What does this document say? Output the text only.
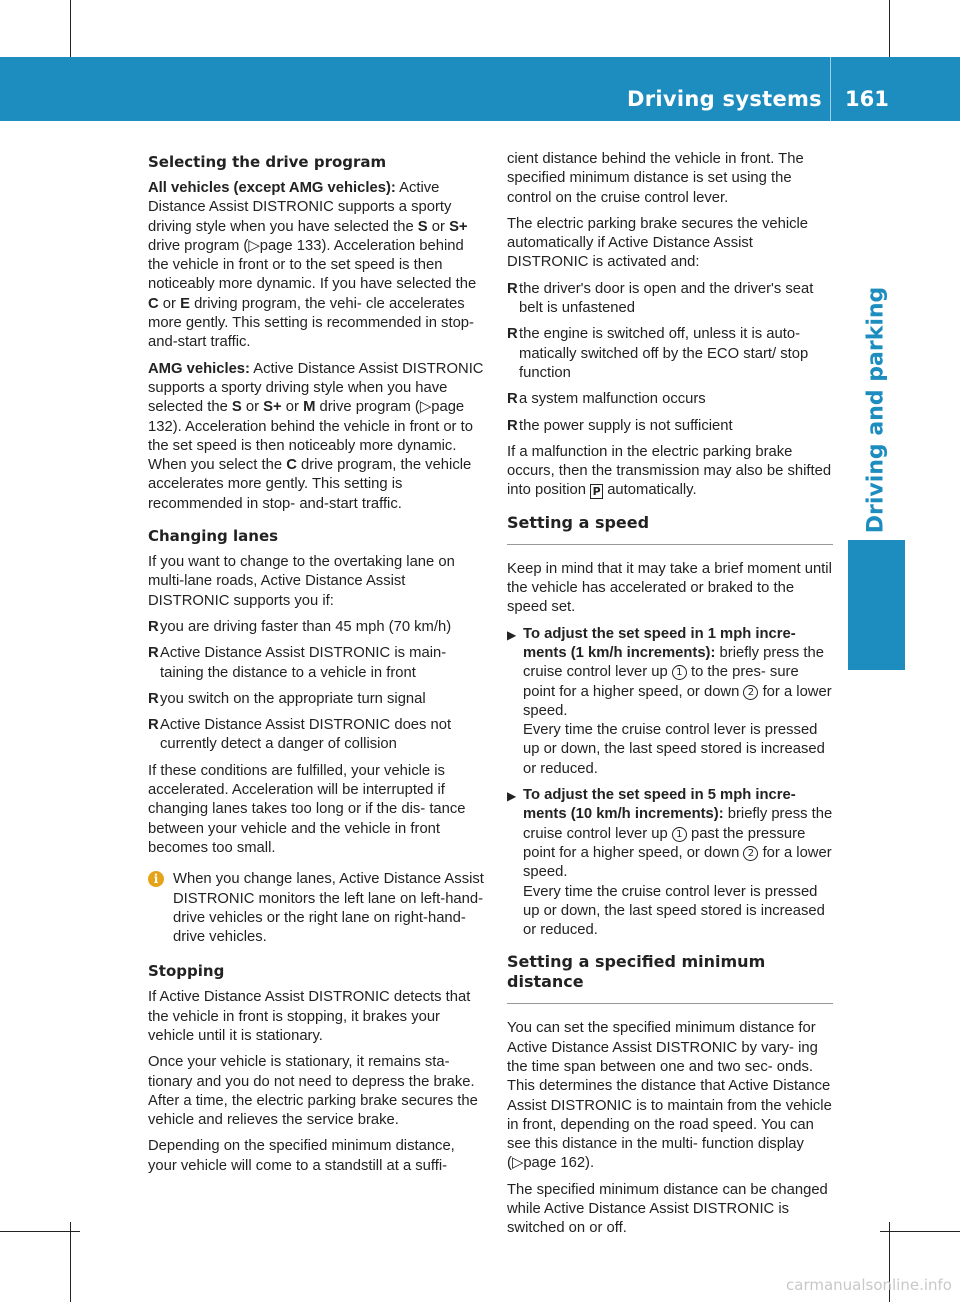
Driving systems 161
Driving and parking
Selecting the drive program

All vehicles (except AMG vehicles): Active Distance Assist DISTRONIC supports a sporty driving style when you have selected the S or S+ drive program (▷page 133). Acceleration behind the vehicle in front or to the set speed is then noticeably more dynamic. If you have selected the C or E driving program, the vehi- cle accelerates more gently. This setting is recommended in stop-and-start traffic.

AMG vehicles: Active Distance Assist DISTRONIC supports a sporty driving style when you have selected the S or S+ or M drive program (▷page 132). Acceleration behind the vehicle in front or to the set speed is then noticeably more dynamic. When you select the C drive program, the vehicle accelerates more gently. This setting is recommended in stop- and-start traffic.

Changing lanes

If you want to change to the overtaking lane on multi-lane roads, Active Distance Assist DISTRONIC supports you if:

R you are driving faster than 45 mph (70 km/h)
R Active Distance Assist DISTRONIC is main- taining the distance to a vehicle in front
R you switch on the appropriate turn signal
R Active Distance Assist DISTRONIC does not currently detect a danger of collision

If these conditions are fulfilled, your vehicle is accelerated. Acceleration will be interrupted if changing lanes takes too long or if the dis- tance between your vehicle and the vehicle in front becomes too small.

i When you change lanes, Active Distance Assist DISTRONIC monitors the left lane on left-hand-drive vehicles or the right lane on right-hand-drive vehicles.
Stopping

If Active Distance Assist DISTRONIC detects that the vehicle in front is stopping, it brakes your vehicle until it is stationary.

Once your vehicle is stationary, it remains sta- tionary and you do not need to depress the brake. After a time, the electric parking brake secures the vehicle and relieves the service brake.

Depending on the specified minimum distance, your vehicle will come to a standstill at a suffi-

cient distance behind the vehicle in front. The specified minimum distance is set using the control on the cruise control lever.

The electric parking brake secures the vehicle automatically if Active Distance Assist DISTRONIC is activated and:

R the driver's door is open and the driver's seat belt is unfastened
R the engine is switched off, unless it is auto- matically switched off by the ECO start/ stop function
R a system malfunction occurs
R the power supply is not sufficient

If a malfunction in the electric parking brake occurs, then the transmission may also be shifted into position P automatically.

Setting a speed

Keep in mind that it may take a brief moment until the vehicle has accelerated or braked to the speed set.

▶ To adjust the set speed in 1 mph incre- ments (1 km/h increments): briefly press the cruise control lever up 1 to the pres- sure point for a higher speed, or down 2 for a lower speed.
Every time the cruise control lever is pressed up or down, the last speed stored is increased or reduced.
▶ To adjust the set speed in 5 mph incre- ments (10 km/h increments): briefly press the cruise control lever up 1 past the pressure point for a higher speed, or down 2 for a lower speed.
Every time the cruise control lever is pressed up or down, the last speed stored is increased or reduced.
Setting a specified minimum distance

You can set the specified minimum distance for Active Distance Assist DISTRONIC by vary- ing the time span between one and two sec- onds. This determines the distance that Active Distance Assist DISTRONIC is to maintain from the vehicle in front, depending on the road speed. You can see this distance in the multi- function display (▷page 162).

The specified minimum distance can be changed while Active Distance Assist DISTRONIC is switched on or off.

carmanualsonline.info
